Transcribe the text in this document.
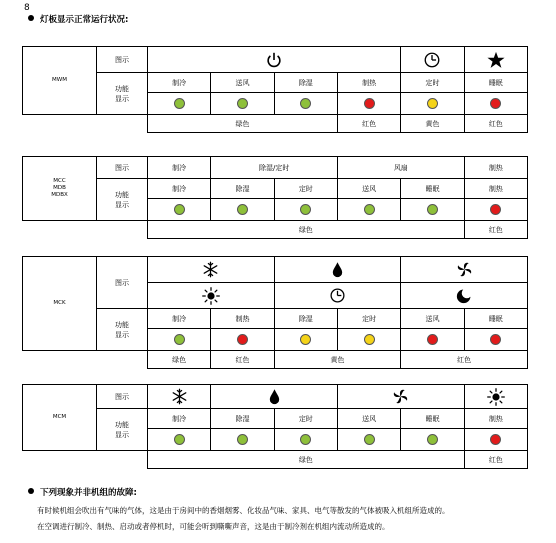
8
灯板显示正常运行状况:
MWM	图示			
	功能显示	制冷	送风	除湿	制热	定时	睡眠

		绿色			红色	黄色	红色
MCC
MDB
MDBX	图示	制冷	除湿/定时		风扇		制热
	功能显示	制冷	除湿	定时	送风	睡眠	制热

		绿色					红色
MCK	图示			

	功能显示	制冷	制热	除湿	定时	送风	睡眠

		绿色	红色	黄色		红色	
MCM	图示				
	功能显示	制冷	除湿	定时	送风	睡眠	制热

		绿色					红色
下列现象并非机组的故障:
有时候机组会吹出有气味的气体，这是由于房间中的香烟烟雾、化妆品气味、家具、电气等散发的气体被吸入机组所造成的。
在空调进行制冷、制热、启动或者停机时，可能会听到嘶嘶声音，这是由于制冷剂在机组内流动所造成的。
